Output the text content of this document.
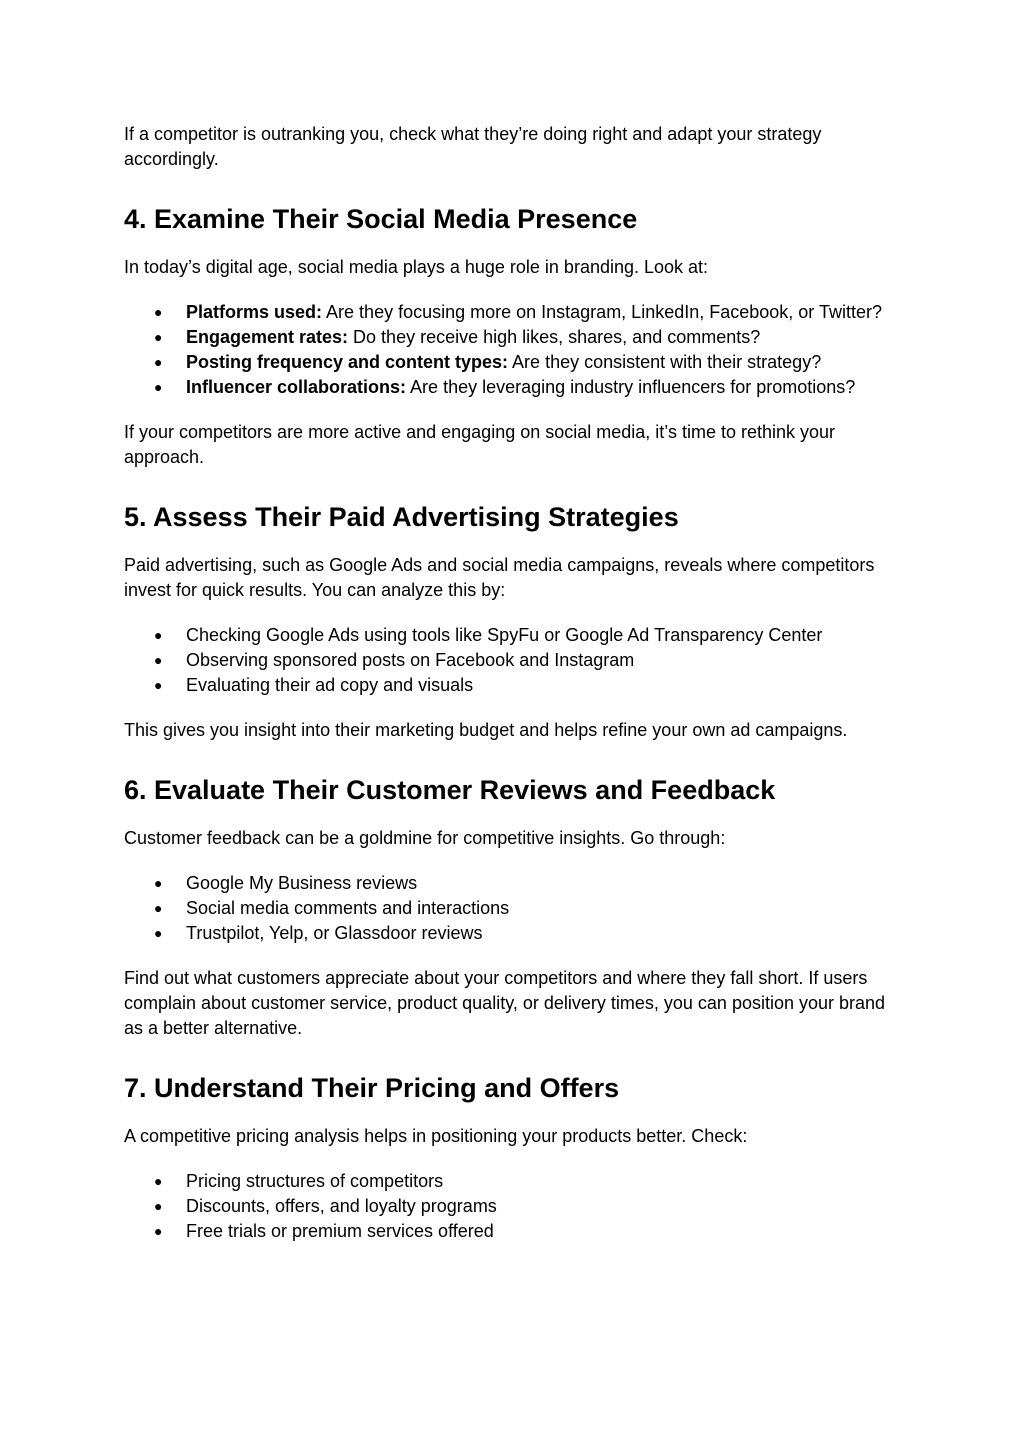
If a competitor is outranking you, check what they’re doing right and adapt your strategy accordingly.

4. Examine Their Social Media Presence

In today’s digital age, social media plays a huge role in branding. Look at:

● Platforms used: Are they focusing more on Instagram, LinkedIn, Facebook, or Twitter?
● Engagement rates: Do they receive high likes, shares, and comments?
● Posting frequency and content types: Are they consistent with their strategy?
● Influencer collaborations: Are they leveraging industry influencers for promotions?

If your competitors are more active and engaging on social media, it’s time to rethink your approach.

5. Assess Their Paid Advertising Strategies

Paid advertising, such as Google Ads and social media campaigns, reveals where competitors invest for quick results. You can analyze this by:

● Checking Google Ads using tools like SpyFu or Google Ad Transparency Center
● Observing sponsored posts on Facebook and Instagram
● Evaluating their ad copy and visuals

This gives you insight into their marketing budget and helps refine your own ad campaigns.

6. Evaluate Their Customer Reviews and Feedback

Customer feedback can be a goldmine for competitive insights. Go through:

● Google My Business reviews
● Social media comments and interactions
● Trustpilot, Yelp, or Glassdoor reviews

Find out what customers appreciate about your competitors and where they fall short. If users complain about customer service, product quality, or delivery times, you can position your brand as a better alternative.

7. Understand Their Pricing and Offers

A competitive pricing analysis helps in positioning your products better. Check:

● Pricing structures of competitors
● Discounts, offers, and loyalty programs
● Free trials or premium services offered
